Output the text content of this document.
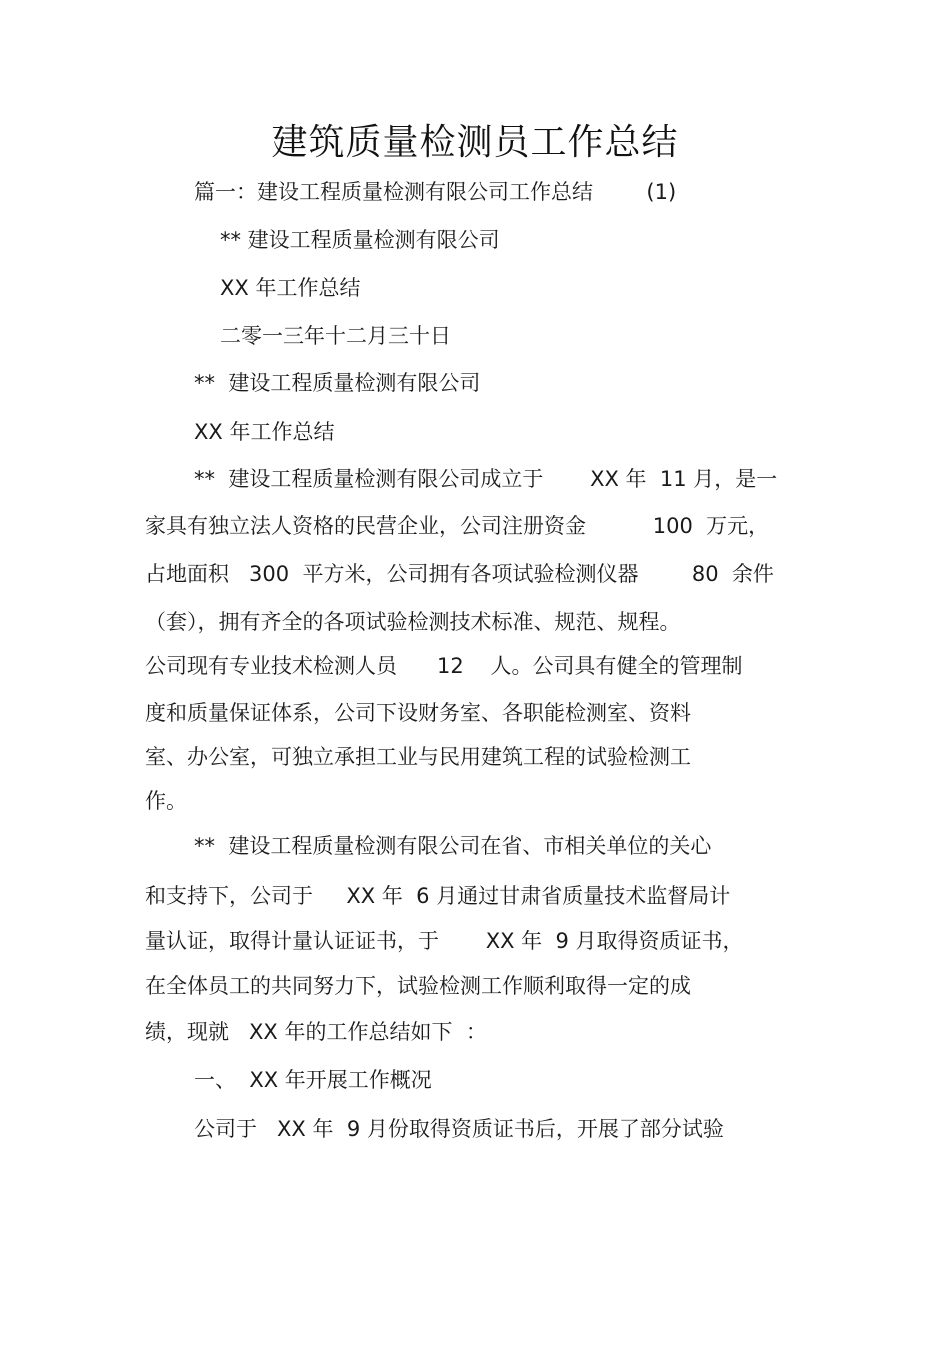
建筑质量检测员工作总结
篇一：建设工程质量检测有限公司工作总结        (1)
** 建设工程质量检测有限公司
XX 年工作总结
二零一三年十二月三十日
**  建设工程质量检测有限公司
XX 年工作总结
**  建设工程质量检测有限公司成立于       XX 年  11 月，是一
家具有独立法人资格的民营企业，公司注册资金          100  万元，
占地面积   300  平方米，公司拥有各项试验检测仪器        80  余件
（套），拥有齐全的各项试验检测技术标准、规范、规程。
公司现有专业技术检测人员      12    人。公司具有健全的管理制
度和质量保证体系，公司下设财务室、各职能检测室、资料
室、办公室，可独立承担工业与民用建筑工程的试验检测工
作。
**  建设工程质量检测有限公司在省、市相关单位的关心
和支持下，公司于     XX 年  6 月通过甘肃省质量技术监督局计
量认证，取得计量认证证书，于       XX 年  9 月取得资质证书，
在全体员工的共同努力下，试验检测工作顺利取得一定的成
绩，现就   XX 年的工作总结如下  ：
一、  XX 年开展工作概况
公司于   XX 年  9 月份取得资质证书后，开展了部分试验
